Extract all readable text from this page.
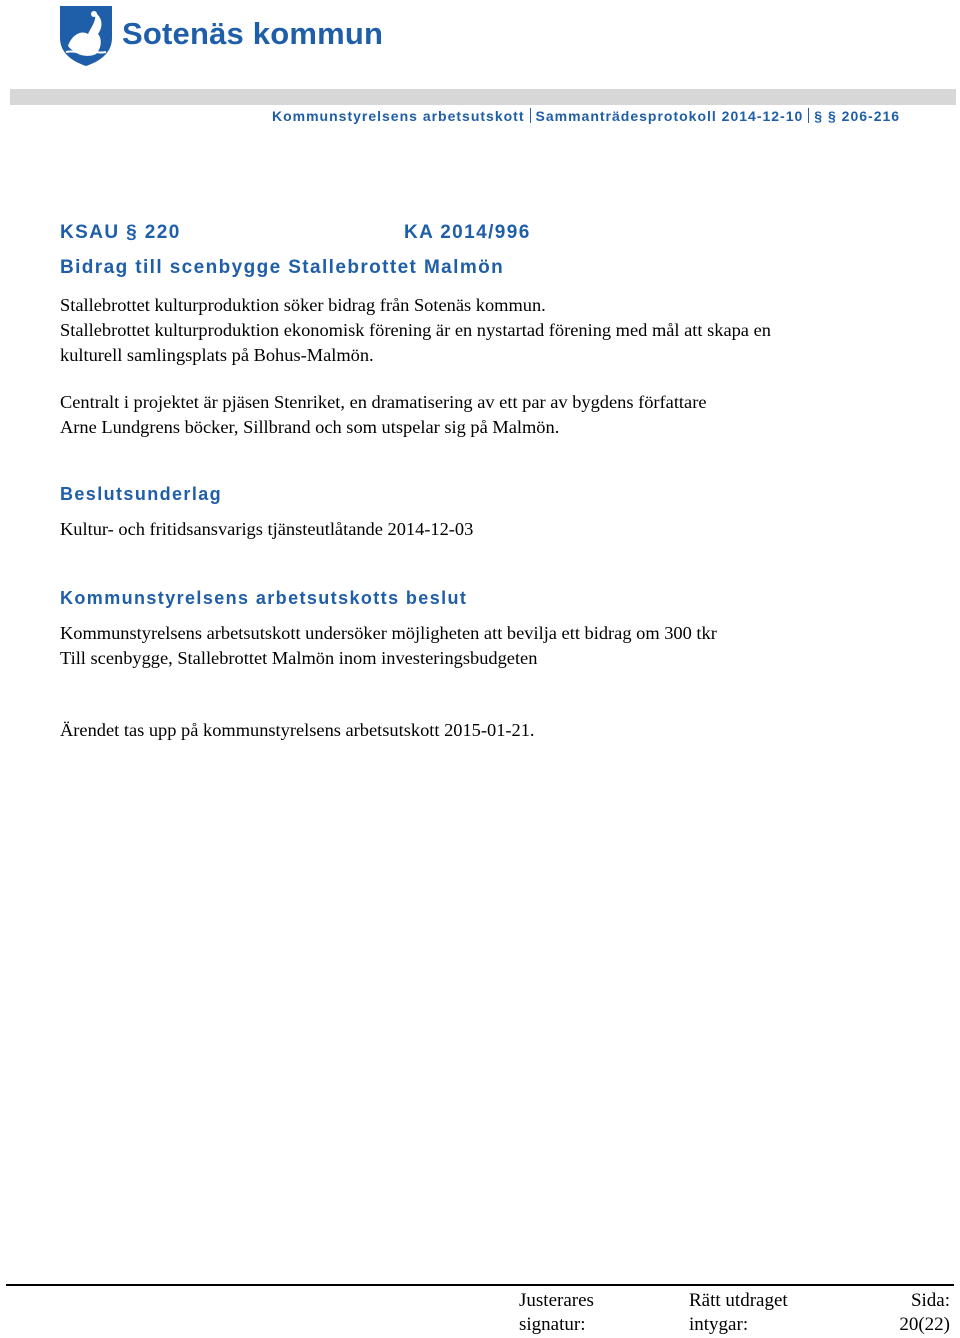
Sotenäs kommun
Kommunstyrelsens arbetsutskott Sammanträdesprotokoll 2014-12-10 § § 206-216
KSAU § 220	KA 2014/996
Bidrag till scenbygge Stallebrottet Malmön

Stallebrottet kulturproduktion söker bidrag från Sotenäs kommun.
Stallebrottet kulturproduktion ekonomisk förening är en nystartad förening med mål att skapa en
kulturell samlingsplats på Bohus-Malmön.

Centralt i projektet är pjäsen Stenriket, en dramatisering av ett par av bygdens författare
Arne Lundgrens böcker, Sillbrand och som utspelar sig på Malmön.

Beslutsunderlag

Kultur- och fritidsansvarigs tjänsteutlåtande 2014-12-03

Kommunstyrelsens arbetsutskotts beslut

Kommunstyrelsens arbetsutskott undersöker möjligheten att bevilja ett bidrag om 300 tkr
Till scenbygge, Stallebrottet Malmön inom investeringsbudgeten

Ärendet tas upp på kommunstyrelsens arbetsutskott 2015-01-21.

Justerares
signatur:
Rätt utdraget
intygar:
Sida:
20(22)
